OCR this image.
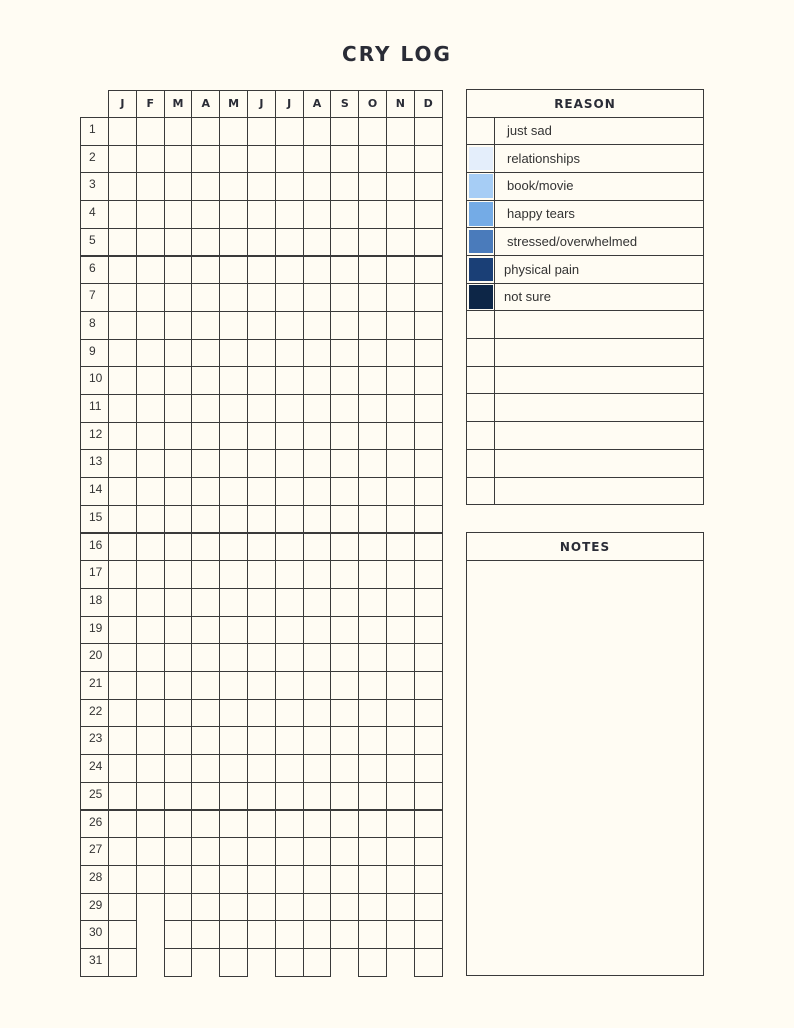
CRY LOG
J	F	M	A	M	J	J	A	S	O	N	D
1
2
3
4
5
6
7
8
9
10
11
12
13
14
15
16
17
18
19
20
21
22
23
24
25
26
27
28
29
30
31
REASON
just sad
relationships
book/movie
happy tears
stressed/overwhelmed
physical pain
not sure
NOTES
